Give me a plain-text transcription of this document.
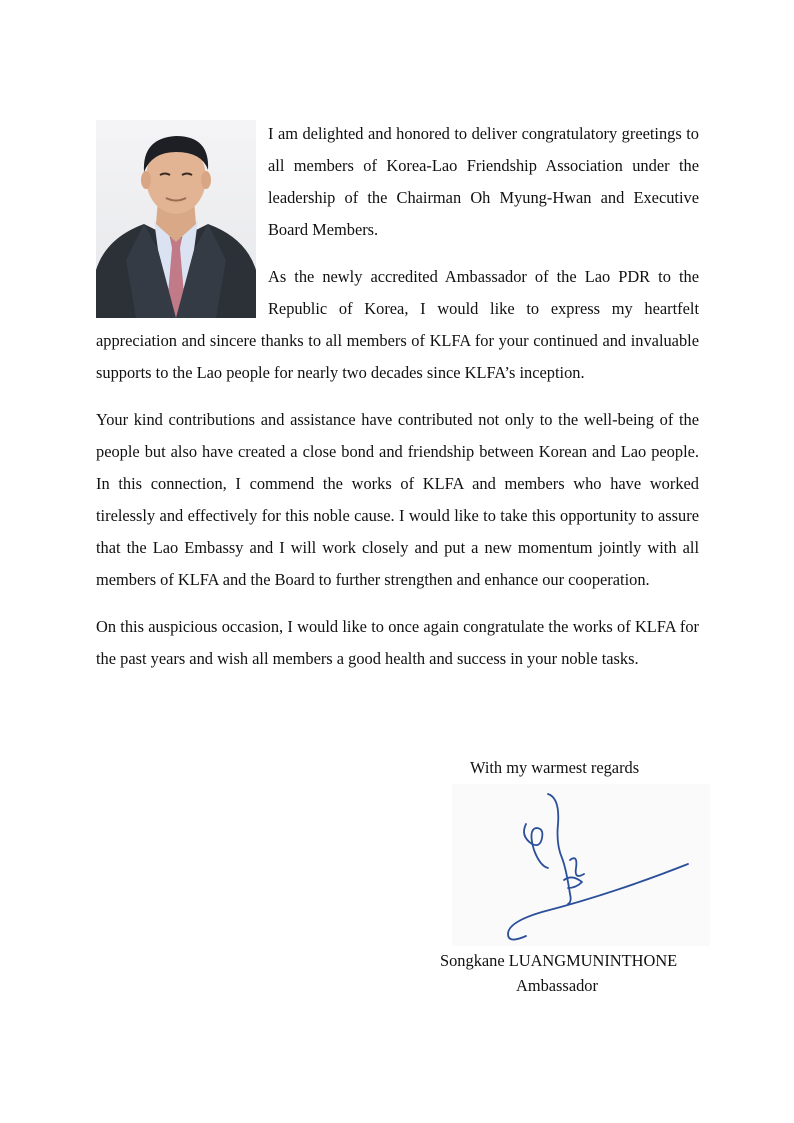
I am delighted and honored to deliver congratulatory greetings to all members of Korea-Lao Friendship Association under the leadership of the Chairman Oh Myung-Hwan and Executive Board Members.

As the newly accredited Ambassador of the Lao PDR to the Republic of Korea, I would like to express my heartfelt appreciation and sincere thanks to all members of KLFA for your continued and invaluable supports to the Lao people for nearly two decades since KLFA’s inception.

Your kind contributions and assistance have contributed not only to the well-being of the people but also have created a close bond and friendship between Korean and Lao people. In this connection, I commend the works of KLFA and members who have worked tirelessly and effectively for this noble cause. I would like to take this opportunity to assure that the Lao Embassy and I will work closely and put a new momentum jointly with all members of KLFA and the Board to further strengthen and enhance our cooperation.

On this auspicious occasion, I would like to once again congratulate the works of KLFA for the past years and wish all members a good health and success in your noble tasks.

With my warmest regards
Songkane LUANGMUNINTHONE
Ambassador
